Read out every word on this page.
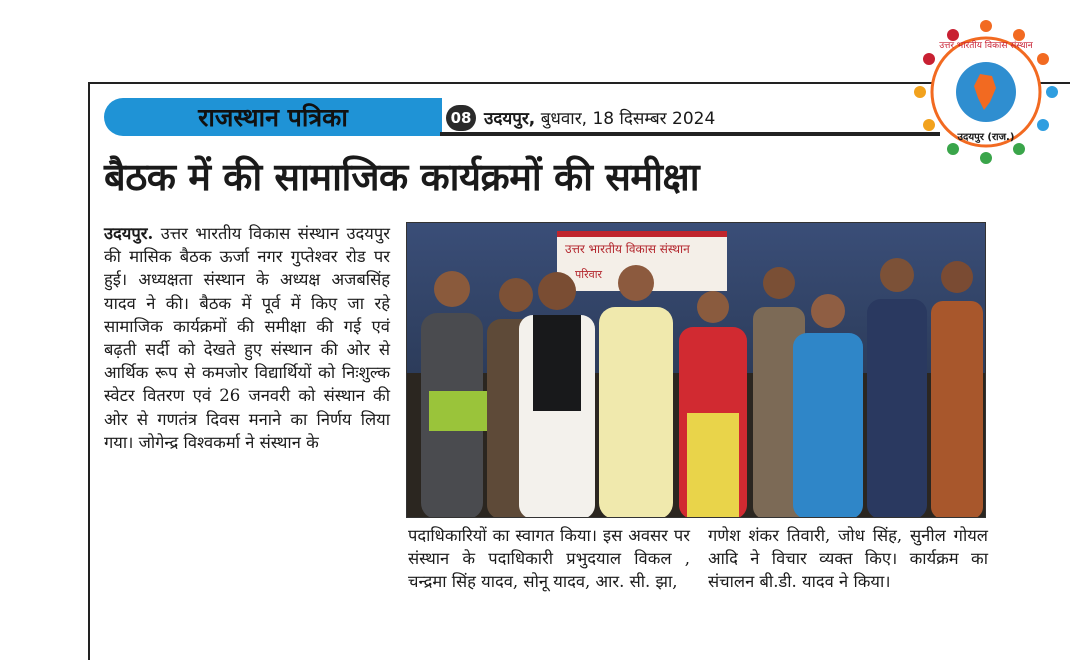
राजस्थान पत्रिका	08 उदयपुर, बुधवार, 18 दिसम्बर 2024
बैठक में की सामाजिक कार्यक्रमों की समीक्षा
उदयपुर. उत्तर भारतीय विकास संस्थान उदयपुर की मासिक बैठक ऊर्जा नगर गुप्तेश्वर रोड पर हुई। अध्यक्षता संस्थान के अध्यक्ष अजबसिंह यादव ने की। बैठक में पूर्व में किए जा रहे सामाजिक कार्यक्रमों की समीक्षा की गई एवं बढ़ती सर्दी को देखते हुए संस्थान की ओर से आर्थिक रूप से कमजोर विद्यार्थियों को निःशुल्क स्वेटर वितरण एवं 26 जनवरी को संस्थान की ओर से गणतंत्र दिवस मनाने का निर्णय लिया गया। जोगेन्द्र विश्वकर्मा ने संस्थान के
उत्तर भारतीय विकास संस्थान
परिवार
पदाधिकारियों का स्वागत किया। इस अवसर पर संस्थान के पदाधिकारी प्रभुदयाल विकल , चन्द्रमा सिंह यादव, सोनू यादव, आर. सी. झा,
गणेश शंकर तिवारी, जोध सिंह, सुनील गोयल आदि ने विचार व्यक्त किए। कार्यक्रम का संचालन बी.डी. यादव ने किया।
उत्तर भारतीय विकास संस्थान
उदयपुर (राज.)
